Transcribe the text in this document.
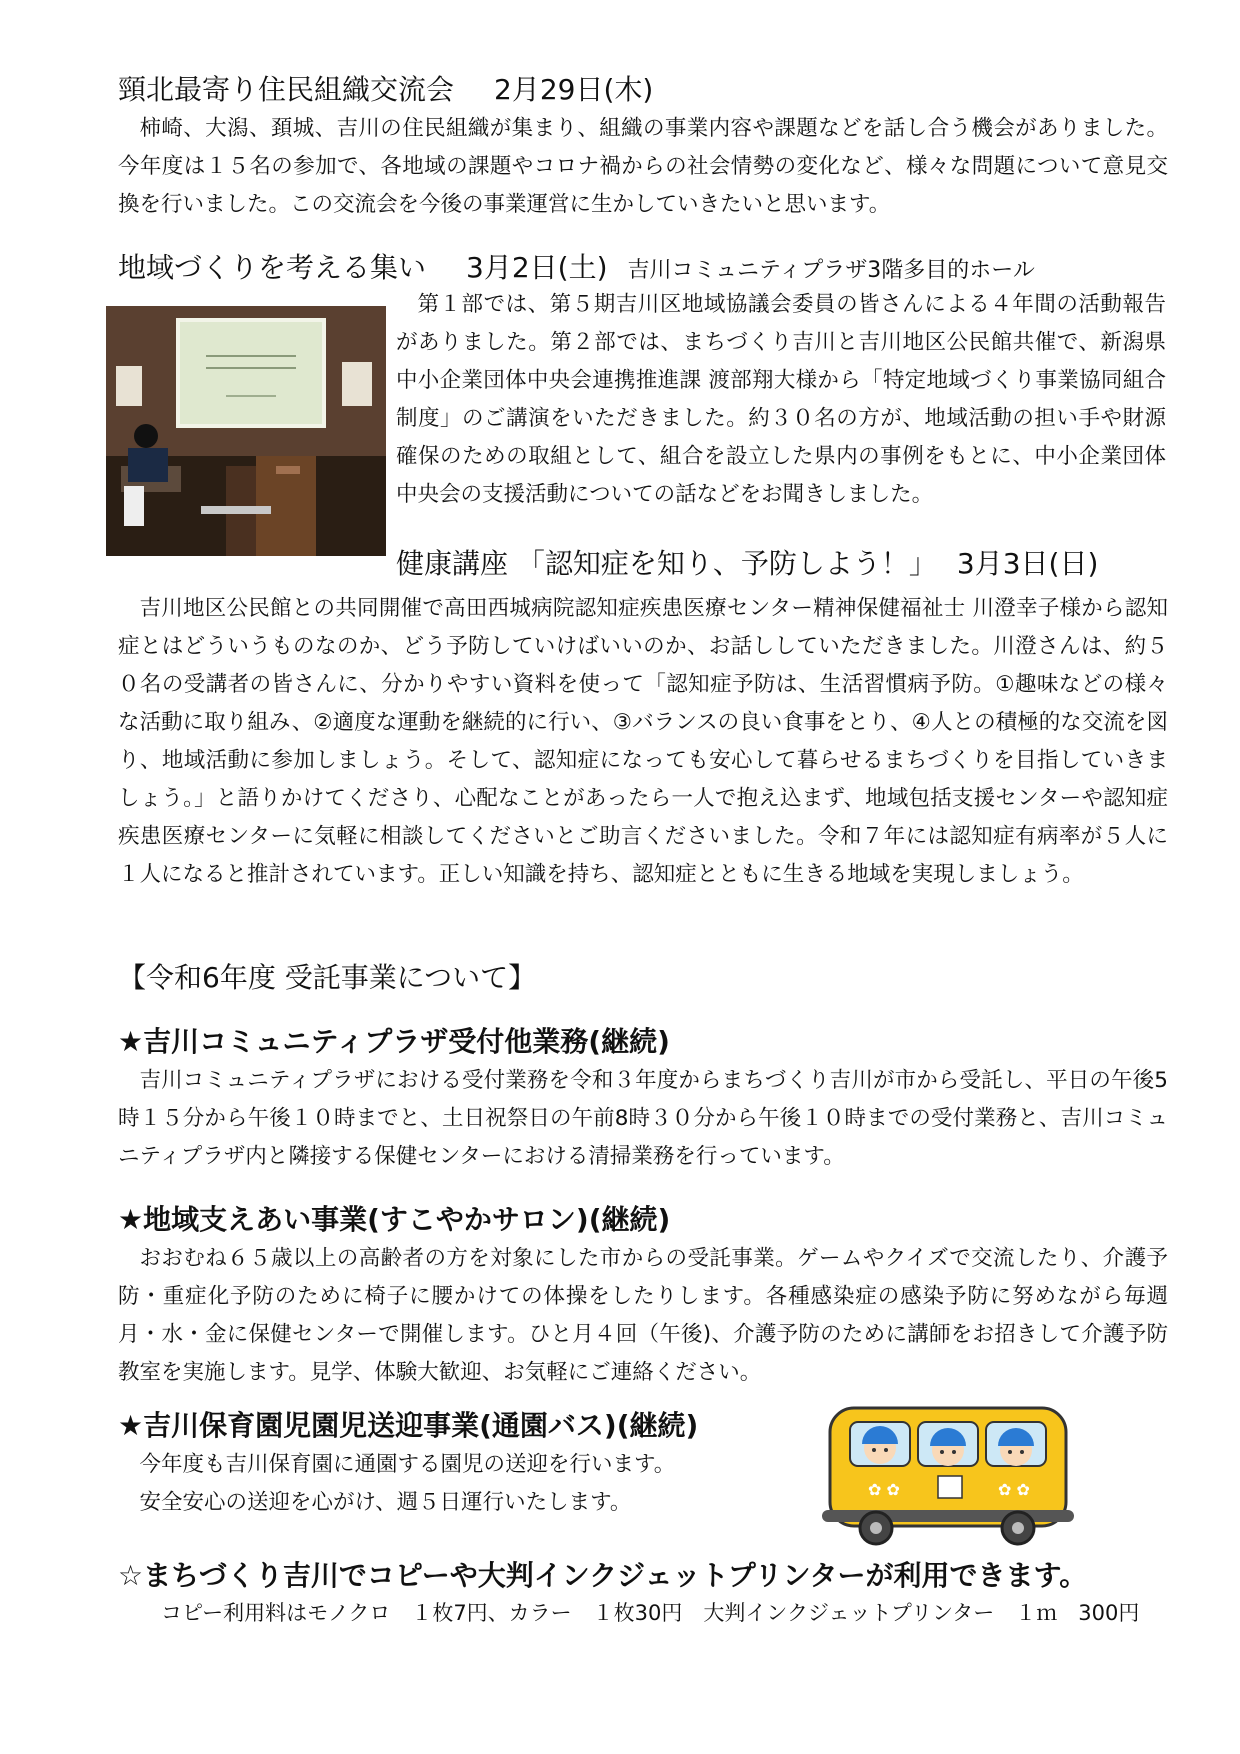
頸北最寄り住民組織交流会 2月29日(木)

柿崎、大潟、頚城、吉川の住民組織が集まり、組織の事業内容や課題などを話し合う機会がありました。今年度は１５名の参加で、各地域の課題やコロナ禍からの社会情勢の変化など、様々な問題について意見交換を行いました。この交流会を今後の事業運営に生かしていきたいと思います。

地域づくりを考える集い 3月2日(土) 吉川コミュニティプラザ3階多目的ホール

第１部では、第５期吉川区地域協議会委員の皆さんによる４年間の活動報告がありました。第２部では、まちづくり吉川と吉川地区公民館共催で、新潟県中小企業団体中央会連携推進課 渡部翔大様から「特定地域づくり事業協同組合制度」のご講演をいただきました。約３０名の方が、地域活動の担い手や財源確保のための取組として、組合を設立した県内の事例をもとに、中小企業団体中央会の支援活動についての話などをお聞きしました。

健康講座 「認知症を知り、予防しよう！」 3月3日(日)

吉川地区公民館との共同開催で高田西城病院認知症疾患医療センター精神保健福祉士 川澄幸子様から認知症とはどういうものなのか、どう予防していけばいいのか、お話ししていただきました。川澄さんは、約５０名の受講者の皆さんに、分かりやすい資料を使って「認知症予防は、生活習慣病予防。①趣味などの様々な活動に取り組み、②適度な運動を継続的に行い、③バランスの良い食事をとり、④人との積極的な交流を図り、地域活動に参加しましょう。そして、認知症になっても安心して暮らせるまちづくりを目指していきましょう。」と語りかけてくださり、心配なことがあったら一人で抱え込まず、地域包括支援センターや認知症疾患医療センターに気軽に相談してくださいとご助言くださいました。令和７年には認知症有病率が５人に１人になると推計されています。正しい知識を持ち、認知症とともに生きる地域を実現しましょう。

【令和6年度 受託事業について】
★吉川コミュニティプラザ受付他業務(継続)

吉川コミュニティプラザにおける受付業務を令和３年度からまちづくり吉川が市から受託し、平日の午後5時１５分から午後１０時までと、土日祝祭日の午前8時３０分から午後１０時までの受付業務と、吉川コミュニティプラザ内と隣接する保健センターにおける清掃業務を行っています。

★地域支えあい事業(すこやかサロン)(継続)

おおむね６５歳以上の高齢者の方を対象にした市からの受託事業。ゲームやクイズで交流したり、介護予防・重症化予防のために椅子に腰かけての体操をしたりします。各種感染症の感染予防に努めながら毎週月・水・金に保健センターで開催します。ひと月４回（午後)、介護予防のために講師をお招きして介護予防教室を実施します。見学、体験大歓迎、お気軽にご連絡ください。

★吉川保育園児園児送迎事業(通園バス)(継続)

今年度も吉川保育園に通園する園児の送迎を行います。

安全安心の送迎を心がけ、週５日運行いたします。

✿ ✿	✿ ✿
☆まちづくり吉川でコピーや大判インクジェットプリンターが利用できます。

コピー利用料はモノクロ　１枚7円、カラー　１枚30円　大判インクジェットプリンター　１ｍ　300円
